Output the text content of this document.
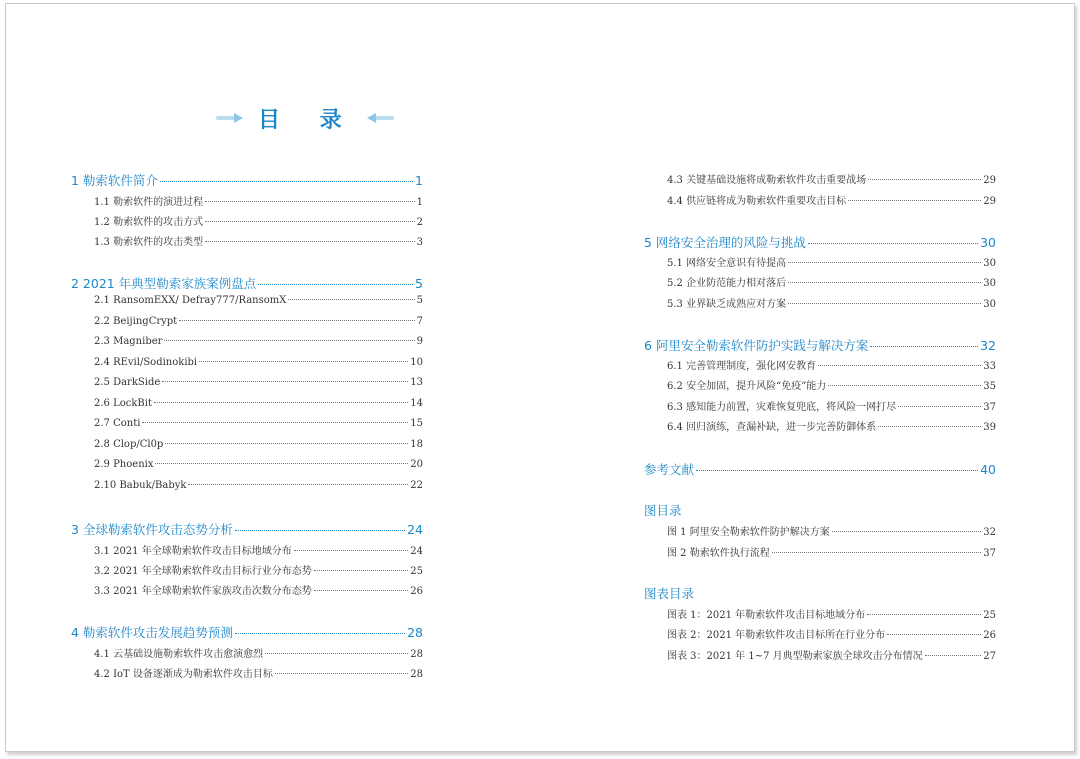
目 录
1 勒索软件简介	1
1.1 勒索软件的演进过程	1
1.2 勒索软件的攻击方式	2
1.3 勒索软件的攻击类型	3
2 2021 年典型勒索家族案例盘点	5
2.1 RansomEXX/ Defray777/RansomX	5
2.2 BeijingCrypt	7
2.3 Magniber	9
2.4 REvil/Sodinokibi	10
2.5 DarkSide	13
2.6 LockBit	14
2.7 Conti	15
2.8 Clop/Cl0p	18
2.9 Phoenix	20
2.10 Babuk/Babyk	22
3 全球勒索软件攻击态势分析	24
3.1 2021 年全球勒索软件攻击目标地域分布	24
3.2 2021 年全球勒索软件攻击目标行业分布态势	25
3.3 2021 年全球勒索软件家族攻击次数分布态势	26
4 勒索软件攻击发展趋势预测	28
4.1 云基础设施勒索软件攻击愈演愈烈	28
4.2 IoT 设备逐渐成为勒索软件攻击目标	28
4.3 关键基础设施将成勒索软件攻击重要战场	29
4.4 供应链将成为勒索软件重要攻击目标	29
5 网络安全治理的风险与挑战	30
5.1 网络安全意识有待提高	30
5.2 企业防范能力相对落后	30
5.3 业界缺乏成熟应对方案	30
6 阿里安全勒索软件防护实践与解决方案	32
6.1 完善管理制度，强化网安教育	33
6.2 安全加固，提升风险“免疫”能力	35
6.3 感知能力前置，灾难恢复兜底，将风险一网打尽	37
6.4 回归演练，查漏补缺，进一步完善防御体系	39
参考文献	40
图目录
图 1 阿里安全勒索软件防护解决方案	32
图 2 勒索软件执行流程	37
图表目录
图表 1：2021 年勒索软件攻击目标地域分布	25
图表 2：2021 年勒索软件攻击目标所在行业分布	26
图表 3：2021 年 1~7 月典型勒索家族全球攻击分布情况	27
